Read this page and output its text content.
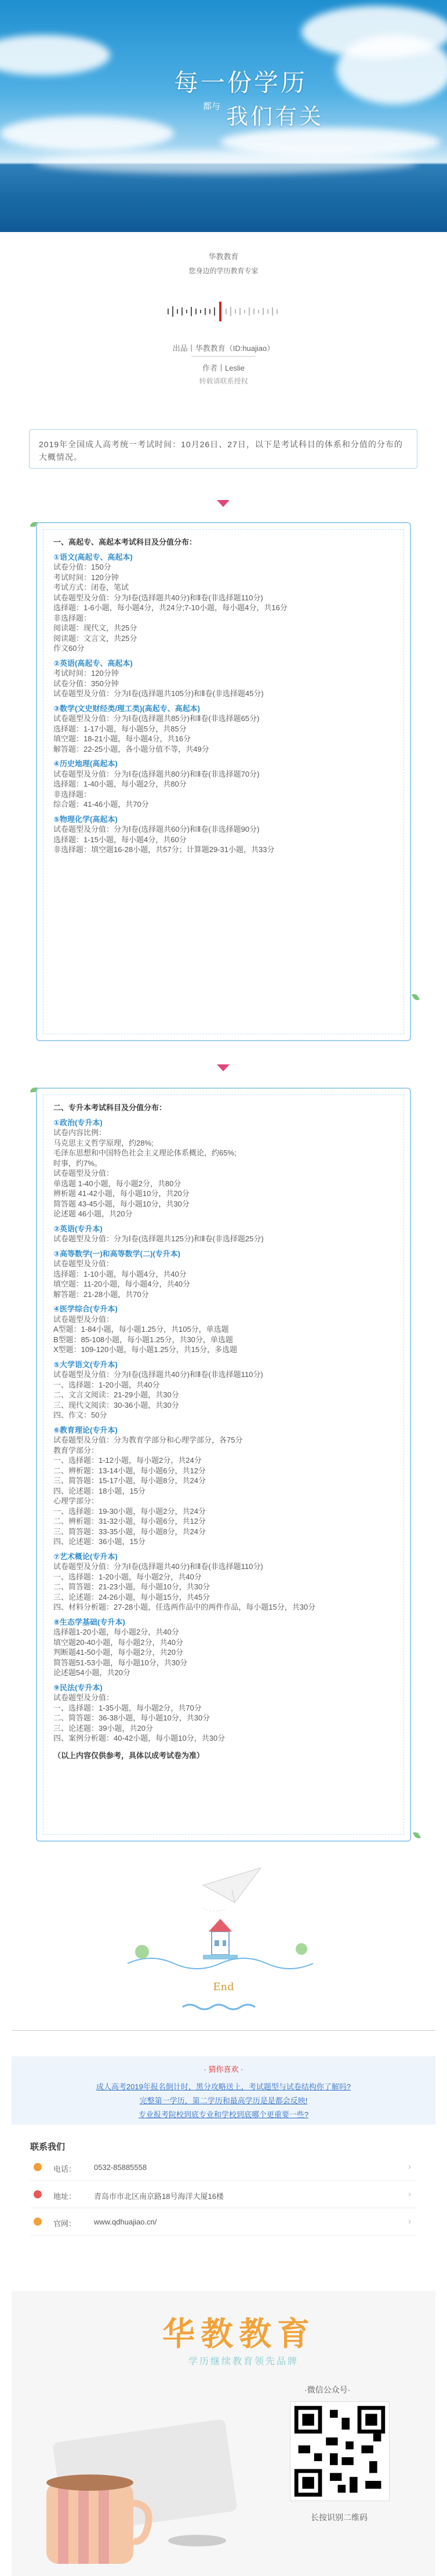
每一份学历
都与 我们有关
华教教育
您身边的学历教育专家
出品丨华教教育（ID:huajiao）
作者丨Leslie
转载请联系授权

2019年全国成人高考统一考试时间：10月26日、27日，以下是考试科目的体系和分值的分布的大概情况。

一、高起专、高起本考试科目及分值分布：
①语文(高起专、高起本)
试卷分值：150分
考试时间：120分钟
考试方式：闭卷，笔试
试卷题型及分值：分为Ⅰ卷(选择题共40分)和Ⅱ卷(非选择题110分)
选择题：1-6小题，每小题4分，共24分;7-10小题，每小题4分，共16分
非选择题：
阅读题：现代文，共25分
阅读题：文言文，共25分
作文60分
②英语(高起专、高起本)
考试时间：120分钟
试卷分值：350分钟
试卷题型及分值：分为Ⅰ卷(选择题共105分)和Ⅱ卷(非选择题45分)
③数学(文史财经类/理工类)(高起专、高起本)
试卷题型及分值：分为Ⅰ卷(选择题共85分)和Ⅱ卷(非选择题65分)
选择题：1-17小题，每小题5分，共85分
填空题：18-21小题，每小题4分，共16分
解答题：22-25小题，各小题分值不等，共49分
④历史地理(高起本)
试卷题型及分值：分为Ⅰ卷(选择题共80分)和Ⅱ卷(非选择题70分)
选择题：1-40小题，每小题2分，共80分
非选择题：
综合题：41-46小题，共70分
⑤物理化学(高起本)
试卷题型及分值：分为Ⅰ卷(选择题共60分)和Ⅱ卷(非选择题90分)
选择题：1-15小题，每小题4分，共60分
非选择题：填空题16-28小题，共57分；计算题29-31小题，共33分
二、专升本考试科目及分值分布：
①政治(专升本)
试卷内容比例：
马克思主义哲学原理，约28%;
毛泽东思想和中国特色社会主义理论体系概论，约65%;
时事，约7%。
试卷题型及分值：
单选题 1-40小题，每小题2分，共80分
辨析题 41-42小题，每小题10分，共20分
简答题 43-45小题，每小题10分，共30分
论述题 46小题，共20分
②英语(专升本)
试卷题型及分值：分为Ⅰ卷(选择题共125分)和Ⅱ卷(非选择题25分)
③高等数学(一)和高等数学(二)(专升本)
试卷题型及分值：
选择题：1-10小题，每小题4分，共40分
填空题：11-20小题，每小题4分，共40分
解答题：21-28小题，共70分
④医学综合(专升本)
试卷题型及分值：
A型题：1-84小题，每小题1.25分，共105分，单选题
B型题：85-108小题，每小题1.25分，共30分，单选题
X型题：109-120小题，每小题1.25分，共15分，多选题
⑤大学语文(专升本)
试卷题型及分值：分为Ⅰ卷(选择题共40分)和Ⅱ卷(非选择题110分)
一、选择题：1-20小题，共40分
二、文言文阅读：21-29小题，共30分
三、现代文阅读：30-36小题，共30分
四、作文：50分
⑥教育理论(专升本)
试卷题型及分值：分为教育学部分和心理学部分，各75分
教育学部分：
一、选择题：1-12小题，每小题2分，共24分
二、辨析题：13-14小题，每小题6分，共12分
三、简答题：15-17小题，每小题8分，共24分
四、论述题：18小题，15分
心理学部分：
一、选择题：19-30小题，每小题2分，共24分
二、辨析题：31-32小题，每小题6分，共12分
三、简答题：33-35小题，每小题8分，共24分
四、论述题：36小题，15分
⑦艺术概论(专升本)
试卷题型及分值：分为Ⅰ卷(选择题共40分)和Ⅱ卷(非选择题110分)
一、选择题：1-20小题，每小题2分，共40分
二、简答题：21-23小题，每小题10分，共30分
三、论述题：24-26小题，每小题15分，共45分
四、材料分析题：27-28小题，任选两作品中的两件作品，每小题15分，共30分
⑧生态学基础(专升本)
选择题1-20小题，每小题2分，共40分
填空题20-40小题，每小题2分，共40分
判断题41-50小题，每小题2分，共20分
简答题51-53小题，每小题10分，共30分
论述题54小题，共20分
⑨民法(专升本)
试卷题型及分值：
一、选择题：1-35小题，每小题2分，共70分
二、简答题：36-38小题，每小题10分，共30分
三、论述题：39小题，共20分
四、案例分析题：40-42小题，每小题10分，共30分
（以上内容仅供参考，具体以成考试卷为准）
End
· 猜你喜欢 ·
成人高考2019年报名倒计时，黑分攻略送上，考试题型与试卷结构你了解吗?
完整第一学历，第二学历和最高学历是是都会反映!
专业报考院校到底专业和学校到底哪个更重要一些?
联系我们
电话： 0532-85885558	›
地址： 青岛市市北区南京路18号海洋大厦16楼	›
官网： www.qdhuajiao.cn/	›
华教教育
学历继续教育领先品牌
·微信公众号·
长按识别二维码
